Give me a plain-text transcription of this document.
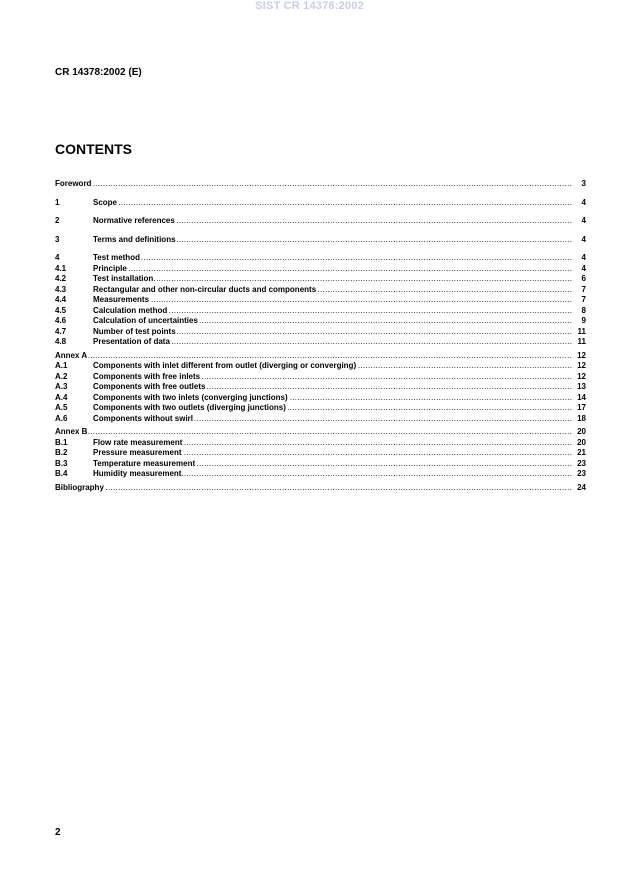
SIST CR 14378:2002
CR 14378:2002 (E)
CONTENTS
Foreword .....	3
1	Scope .....	4
2	Normative references .....	4
3	Terms and definitions .....	4
4	Test method .....	4
4.1	Principle .....	4
4.2	Test installation .....	6
4.3	Rectangular and other non-circular ducts and components .....	7
4.4	Measurements .....	7
4.5	Calculation method .....	8
4.6	Calculation of uncertainties .....	9
4.7	Number of test points .....	11
4.8	Presentation of data .....	11
Annex A .....	12
A.1	Components with inlet different from outlet (diverging or converging) .....	12
A.2	Components with free inlets .....	12
A.3	Components with free outlets .....	13
A.4	Components with two inlets (converging junctions) .....	14
A.5	Components with two outlets (diverging junctions) .....	17
A.6	Components without swirl .....	18
Annex B .....	20
B.1	Flow rate measurement .....	20
B.2	Pressure measurement .....	21
B.3	Temperature measurement .....	23
B.4	Humidity measurement .....	23
Bibliography .....	24
2
